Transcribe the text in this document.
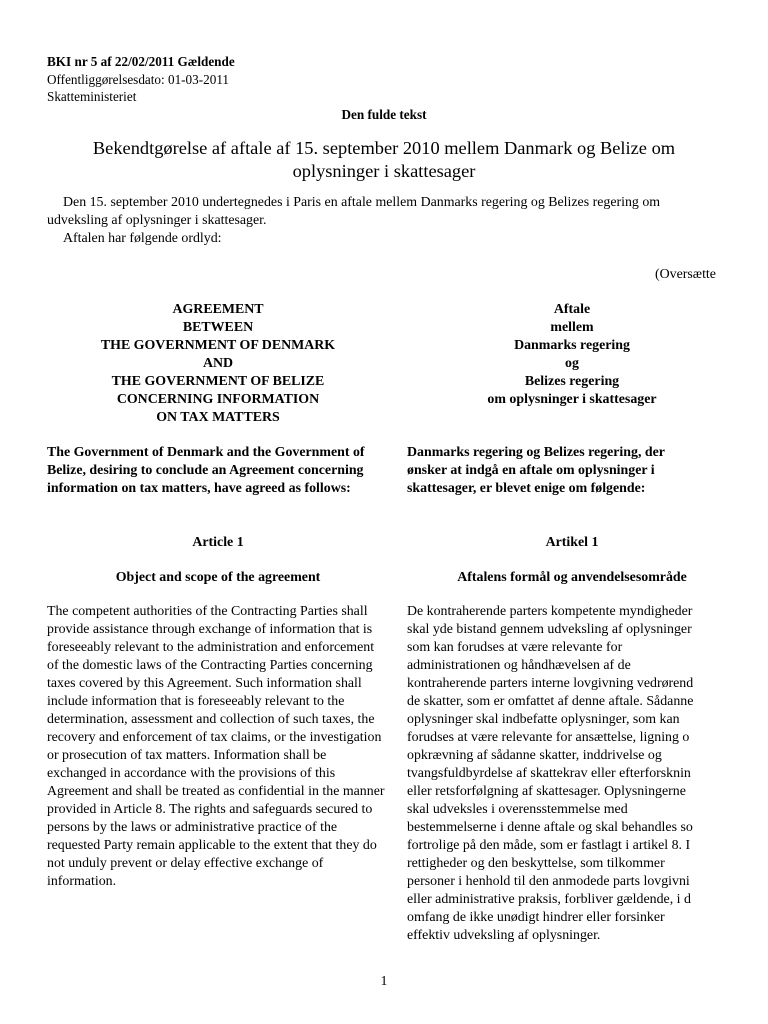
BKI nr 5 af 22/02/2011 Gældende
Offentliggørelsesdato: 01-03-2011
Skatteministeriet
Den fulde tekst
Bekendtgørelse af aftale af 15. september 2010 mellem Danmark og Belize om
oplysninger i skattesager

Den 15. september 2010 undertegnedes i Paris en aftale mellem Danmarks regering og Belizes regering om udveksling af oplysninger i skattesager.

Aftalen har følgende ordlyd:

(Oversætte
AGREEMENT
BETWEEN
THE GOVERNMENT OF DENMARK
AND
THE GOVERNMENT OF BELIZE
CONCERNING INFORMATION
ON TAX MATTERS

The Government of Denmark and the Government of Belize, desiring to conclude an Agreement concerning information on tax matters, have agreed as follows:

Article 1
Object and scope of the agreement

The competent authorities of the Contracting Parties shall provide assistance through exchange of information that is foreseeably relevant to the administration and enforcement of the domestic laws of the Contracting Parties concerning taxes covered by this Agreement. Such information shall include information that is foreseeably relevant to the determination, assessment and collection of such taxes, the recovery and enforcement of tax claims, or the investigation or prosecution of tax matters. Information shall be exchanged in accordance with the provisions of this Agreement and shall be treated as confidential in the manner provided in Article 8. The rights and safeguards secured to persons by the laws or administrative practice of the requested Party remain applicable to the extent that they do not unduly prevent or delay effective exchange of information.

Aftale
mellem
Danmarks regering
og
Belizes regering
om oplysninger i skattesager

Danmarks regering og Belizes regering, der ønsker at indgå en aftale om oplysninger i skattesager, er blevet enige om følgende:

Artikel 1
Aftalens formål og anvendelsesområde

De kontraherende parters kompetente myndigheder
skal yde bistand gennem udveksling af oplysninger
som kan forudses at være relevante for
administrationen og håndhævelsen af de
kontraherende parters interne lovgivning vedrørend
de skatter, som er omfattet af denne aftale. Sådanne
oplysninger skal indbefatte oplysninger, som kan
forudses at være relevante for ansættelse, ligning o
opkrævning af sådanne skatter, inddrivelse og
tvangsfuldbyrdelse af skattekrav eller efterforsknin
eller retsforfølgning af skattesager. Oplysningerne
skal udveksles i overensstemmelse med
bestemmelserne i denne aftale og skal behandles so
fortrolige på den måde, som er fastlagt i artikel 8. I
rettigheder og den beskyttelse, som tilkommer
personer i henhold til den anmodede parts lovgivni
eller administrative praksis, forbliver gældende, i d
omfang de ikke unødigt hindrer eller forsinker
effektiv udveksling af oplysninger.

1
